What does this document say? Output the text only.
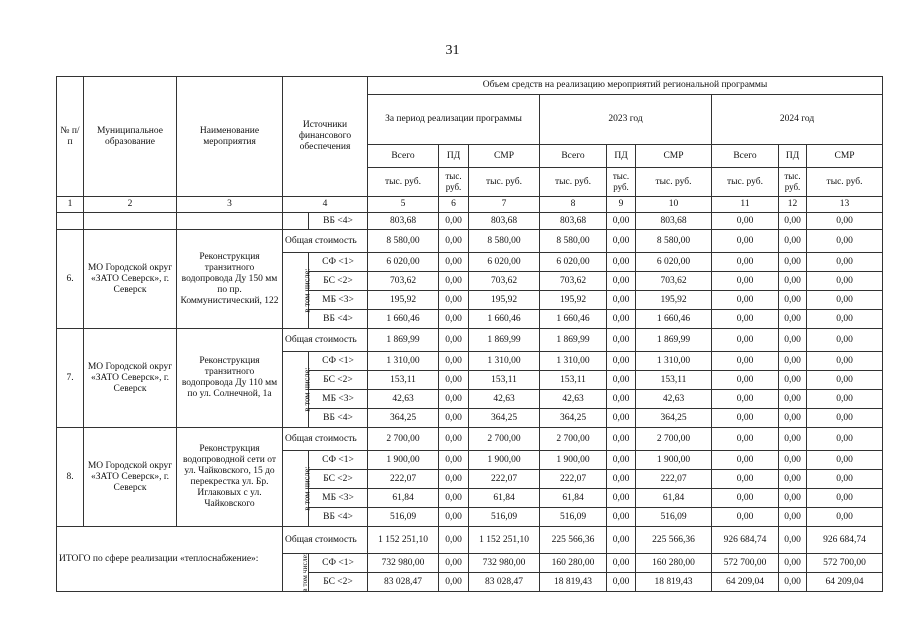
31
№ п/п	Муниципальное образование	Наименование мероприятия	Источники финансового обеспечения		Объем средств на реализацию мероприятий региональной программы								
					За период реализации программы			2023 год			2024 год		
					Всего	ПД	СМР	Всего	ПД	СМР	Всего	ПД	СМР
					тыс. руб.	тыс. руб.	тыс. руб.	тыс. руб.	тыс. руб.	тыс. руб.	тыс. руб.	тыс. руб.	тыс. руб.
1	2	3	4		5	6	7	8	9	10	11	12	13
				ВБ <4>	803,68	0,00	803,68	803,68	0,00	803,68	0,00	0,00	0,00
6.	МО Городской округ «ЗАТО Северск», г. Северск	Реконструкция транзитного водопровода Ду 150 мм по пр. Коммунистический, 122	Общая стоимость		8 580,00	0,00	8 580,00	8 580,00	0,00	8 580,00	0,00	0,00	0,00
			в том числе:	СФ <1>	6 020,00	0,00	6 020,00	6 020,00	0,00	6 020,00	0,00	0,00	0,00
				БС <2>	703,62	0,00	703,62	703,62	0,00	703,62	0,00	0,00	0,00
				МБ <3>	195,92	0,00	195,92	195,92	0,00	195,92	0,00	0,00	0,00
				ВБ <4>	1 660,46	0,00	1 660,46	1 660,46	0,00	1 660,46	0,00	0,00	0,00
7.	МО Городской округ «ЗАТО Северск», г. Северск	Реконструкция транзитного водопровода Ду 110 мм по ул. Солнечной, 1а	Общая стоимость		1 869,99	0,00	1 869,99	1 869,99	0,00	1 869,99	0,00	0,00	0,00
			в том числе:	СФ <1>	1 310,00	0,00	1 310,00	1 310,00	0,00	1 310,00	0,00	0,00	0,00
				БС <2>	153,11	0,00	153,11	153,11	0,00	153,11	0,00	0,00	0,00
				МБ <3>	42,63	0,00	42,63	42,63	0,00	42,63	0,00	0,00	0,00
				ВБ <4>	364,25	0,00	364,25	364,25	0,00	364,25	0,00	0,00	0,00
8.	МО Городской округ «ЗАТО Северск», г. Северск	Реконструкция водопроводной сети от ул. Чайковского, 15 до перекрестка ул. Бр. Иглаковых с ул. Чайковского	Общая стоимость		2 700,00	0,00	2 700,00	2 700,00	0,00	2 700,00	0,00	0,00	0,00
			в том числе:	СФ <1>	1 900,00	0,00	1 900,00	1 900,00	0,00	1 900,00	0,00	0,00	0,00
				БС <2>	222,07	0,00	222,07	222,07	0,00	222,07	0,00	0,00	0,00
				МБ <3>	61,84	0,00	61,84	61,84	0,00	61,84	0,00	0,00	0,00
				ВБ <4>	516,09	0,00	516,09	516,09	0,00	516,09	0,00	0,00	0,00
ИТОГО по сфере реализации «теплоснабжение»:			Общая стоимость		1 152 251,10	0,00	1 152 251,10	225 566,36	0,00	225 566,36	926 684,74	0,00	926 684,74
			в том числе:	СФ <1>	732 980,00	0,00	732 980,00	160 280,00	0,00	160 280,00	572 700,00	0,00	572 700,00
				БС <2>	83 028,47	0,00	83 028,47	18 819,43	0,00	18 819,43	64 209,04	0,00	64 209,04
